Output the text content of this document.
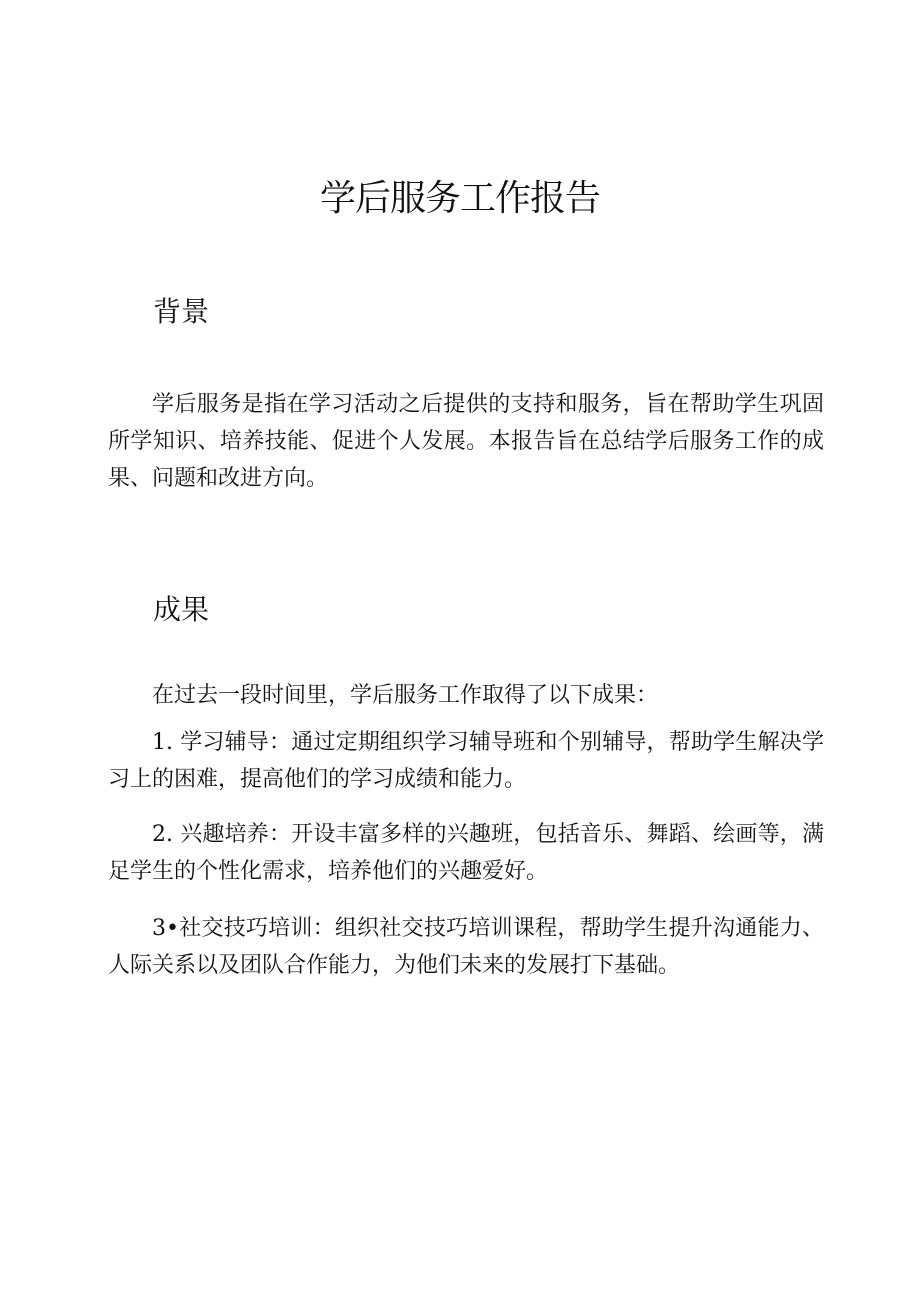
学后服务工作报告
背景

学后服务是指在学习活动之后提供的支持和服务，旨在帮助学生巩固所学知识、培养技能、促进个人发展。本报告旨在总结学后服务工作的成果、问题和改进方向。

成果

在过去一段时间里，学后服务工作取得了以下成果：

1. 学习辅导：通过定期组织学习辅导班和个别辅导，帮助学生解决学习上的困难，提高他们的学习成绩和能力。

2. 兴趣培养：开设丰富多样的兴趣班，包括音乐、舞蹈、绘画等，满足学生的个性化需求，培养他们的兴趣爱好。

3•社交技巧培训：组织社交技巧培训课程，帮助学生提升沟通能力、人际关系以及团队合作能力，为他们未来的发展打下基础。
